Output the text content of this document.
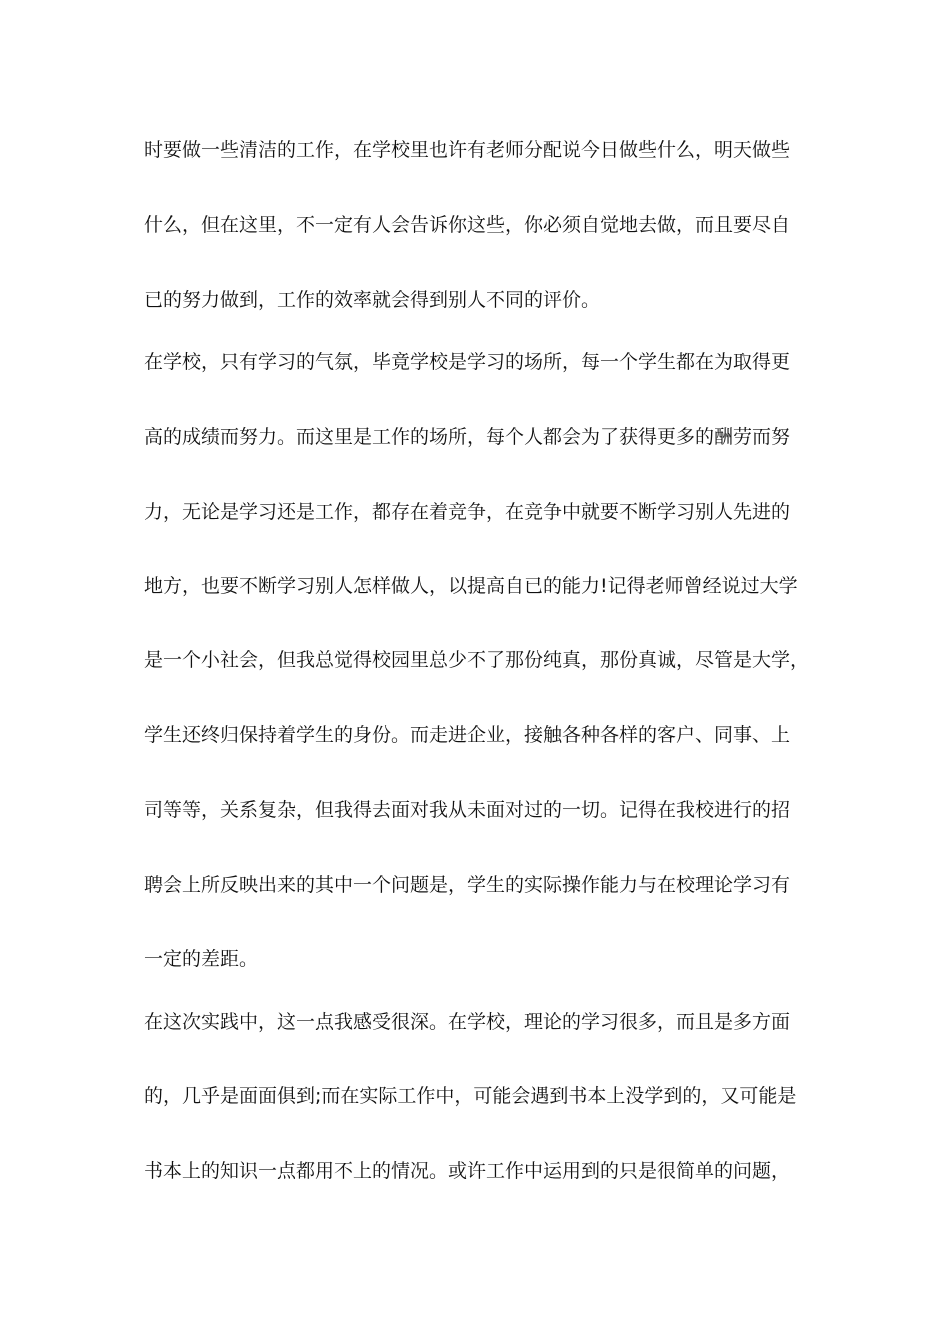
时要做一些清洁的工作，在学校里也许有老师分配说今日做些什么，明天做些
什么，但在这里，不一定有人会告诉你这些，你必须自觉地去做，而且要尽自
已的努力做到，工作的效率就会得到别人不同的评价。
在学校，只有学习的气氛，毕竟学校是学习的场所，每一个学生都在为取得更
高的成绩而努力。而这里是工作的场所，每个人都会为了获得更多的酬劳而努
力，无论是学习还是工作，都存在着竞争，在竞争中就要不断学习别人先进的
地方，也要不断学习别人怎样做人，以提高自已的能力!记得老师曾经说过大学
是一个小社会，但我总觉得校园里总少不了那份纯真，那份真诚，尽管是大学，
学生还终归保持着学生的身份。而走进企业，接触各种各样的客户、同事、上
司等等，关系复杂，但我得去面对我从未面对过的一切。记得在我校进行的招
聘会上所反映出来的其中一个问题是，学生的实际操作能力与在校理论学习有
一定的差距。
在这次实践中，这一点我感受很深。在学校，理论的学习很多，而且是多方面
的，几乎是面面俱到;而在实际工作中，可能会遇到书本上没学到的，又可能是
书本上的知识一点都用不上的情况。或许工作中运用到的只是很简单的问题，
